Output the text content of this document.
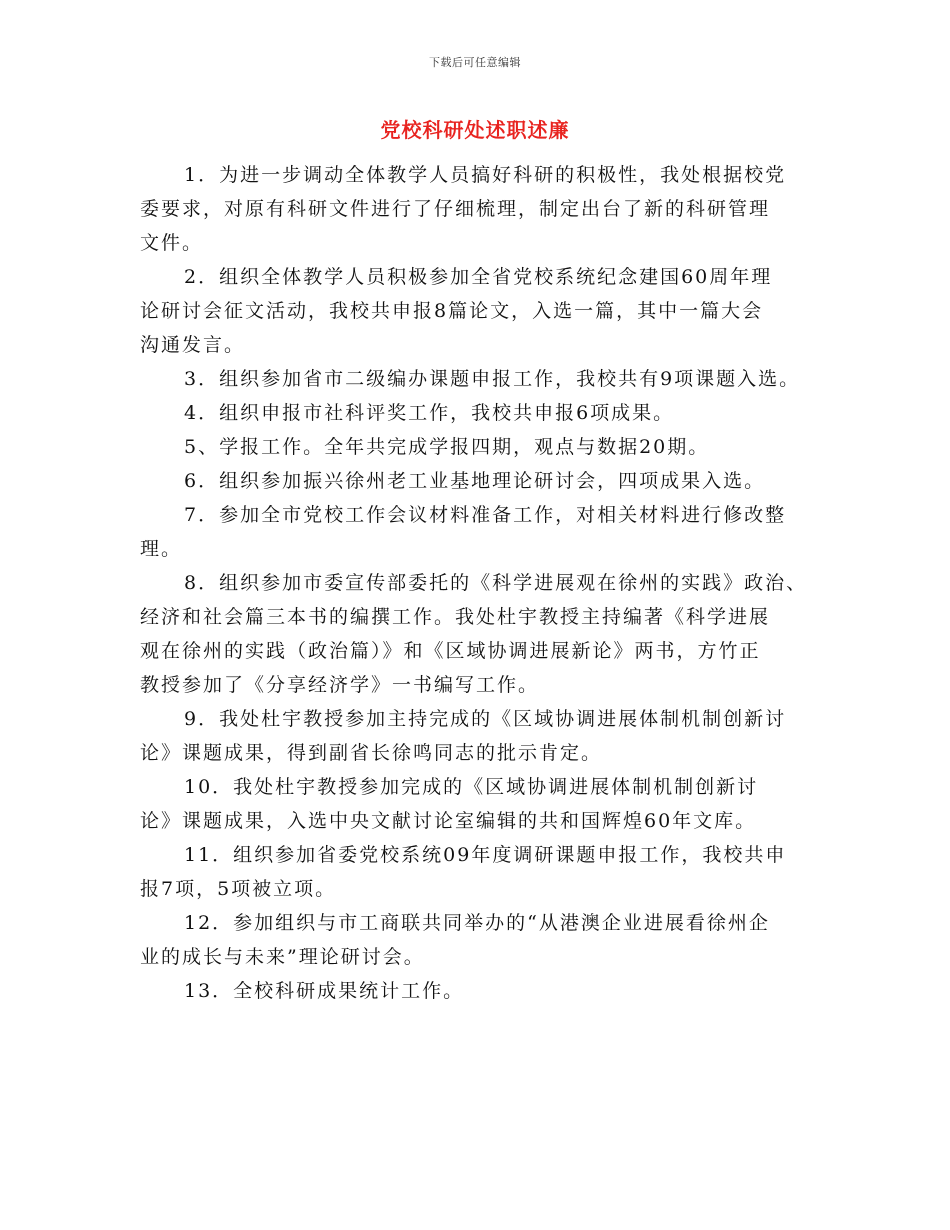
下载后可任意编辑
党校科研处述职述廉

1．为进一步调动全体教学人员搞好科研的积极性，我处根据校党
委要求，对原有科研文件进行了仔细梳理，制定出台了新的科研管理
文件。

2．组织全体教学人员积极参加全省党校系统纪念建国60周年理
论研讨会征文活动，我校共申报8篇论文，入选一篇，其中一篇大会
沟通发言。

3．组织参加省市二级编办课题申报工作，我校共有9项课题入选。

4．组织申报市社科评奖工作，我校共申报6项成果。

5、学报工作。全年共完成学报四期，观点与数据20期。

6．组织参加振兴徐州老工业基地理论研讨会，四项成果入选。

7．参加全市党校工作会议材料准备工作，对相关材料进行修改整
理。

8．组织参加市委宣传部委托的《科学进展观在徐州的实践》政治、
经济和社会篇三本书的编撰工作。我处杜宇教授主持编著《科学进展
观在徐州的实践（政治篇）》和《区域协调进展新论》两书，方竹正
教授参加了《分享经济学》一书编写工作。

9．我处杜宇教授参加主持完成的《区域协调进展体制机制创新讨
论》课题成果，得到副省长徐鸣同志的批示肯定。

10．我处杜宇教授参加完成的《区域协调进展体制机制创新讨
论》课题成果，入选中央文献讨论室编辑的共和国辉煌60年文库。

11．组织参加省委党校系统09年度调研课题申报工作，我校共申
报7项，5项被立项。

12．参加组织与市工商联共同举办的“从港澳企业进展看徐州企
业的成长与未来”理论研讨会。

13．全校科研成果统计工作。
